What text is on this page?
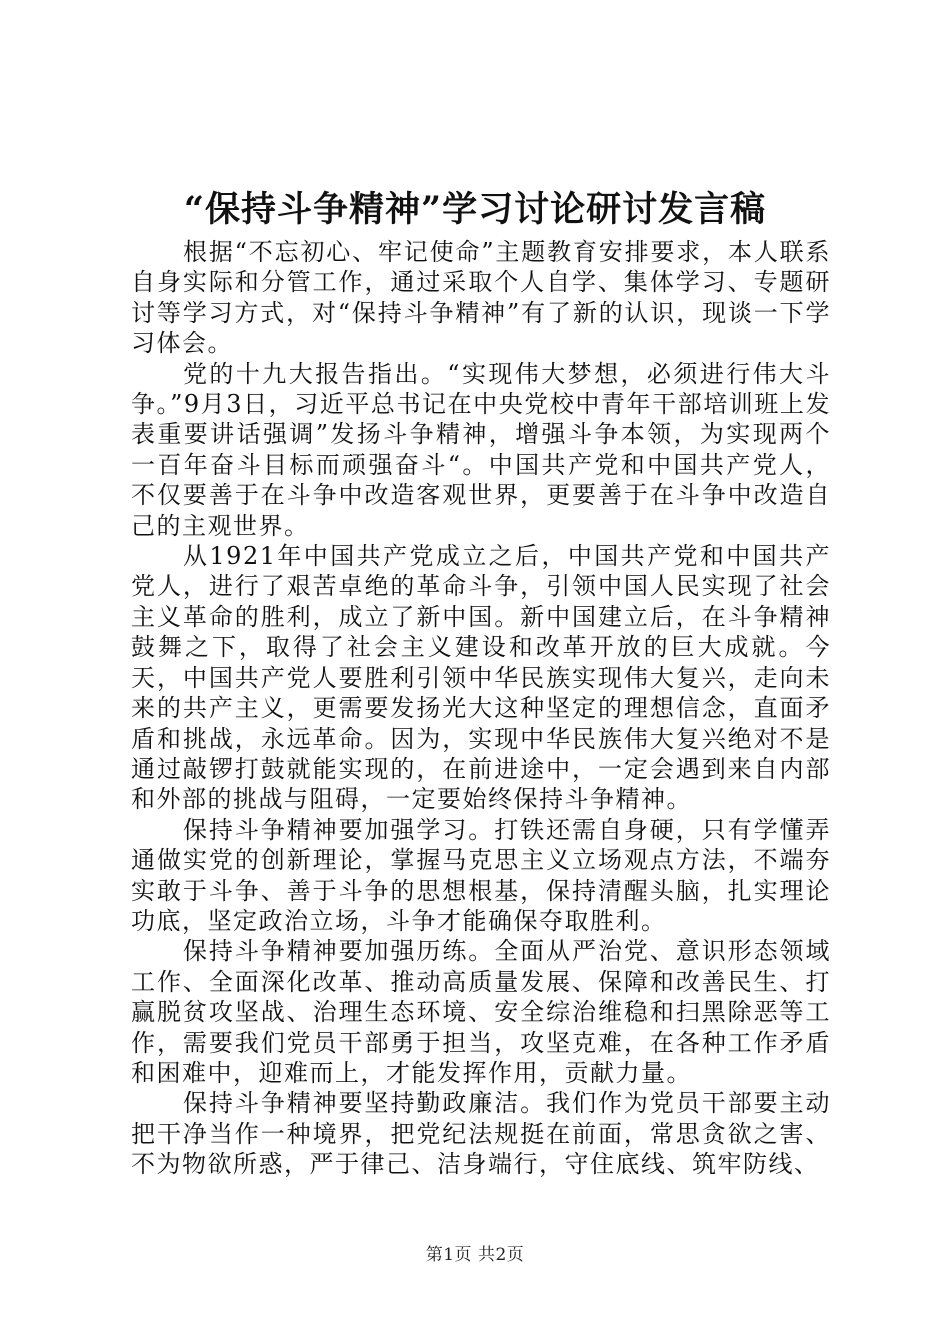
“保持斗争精神”学习讨论研讨发言稿

根据“不忘初心、牢记使命”主题教育安排要求，本人联系自身实际和分管工作，通过采取个人自学、集体学习、专题研讨等学习方式，对“保持斗争精神”有了新的认识，现谈一下学习体会。

党的十九大报告指出。“实现伟大梦想，必须进行伟大斗争。”9月3日，习近平总书记在中央党校中青年干部培训班上发表重要讲话强调”发扬斗争精神，增强斗争本领，为实现两个一百年奋斗目标而顽强奋斗“。中国共产党和中国共产党人，不仅要善于在斗争中改造客观世界，更要善于在斗争中改造自己的主观世界。

从1921年中国共产党成立之后，中国共产党和中国共产党人，进行了艰苦卓绝的革命斗争，引领中国人民实现了社会主义革命的胜利，成立了新中国。新中国建立后，在斗争精神鼓舞之下，取得了社会主义建设和改革开放的巨大成就。今天，中国共产党人要胜利引领中华民族实现伟大复兴，走向未来的共产主义，更需要发扬光大这种坚定的理想信念，直面矛盾和挑战，永远革命。因为，实现中华民族伟大复兴绝对不是通过敲锣打鼓就能实现的，在前进途中，一定会遇到来自内部和外部的挑战与阻碍，一定要始终保持斗争精神。

保持斗争精神要加强学习。打铁还需自身硬，只有学懂弄通做实党的创新理论，掌握马克思主义立场观点方法，不端夯实敢于斗争、善于斗争的思想根基，保持清醒头脑，扎实理论功底，坚定政治立场，斗争才能确保夺取胜利。

保持斗争精神要加强历练。全面从严治党、意识形态领域工作、全面深化改革、推动高质量发展、保障和改善民生、打赢脱贫攻坚战、治理生态环境、安全综治维稳和扫黑除恶等工作，需要我们党员干部勇于担当，攻坚克难，在各种工作矛盾和困难中，迎难而上，才能发挥作用，贡献力量。

保持斗争精神要坚持勤政廉洁。我们作为党员干部要主动把干净当作一种境界，把党纪法规挺在前面，常思贪欲之害、不为物欲所惑，严于律己、洁身端行，守住底线、筑牢防线、

第1页 共2页
